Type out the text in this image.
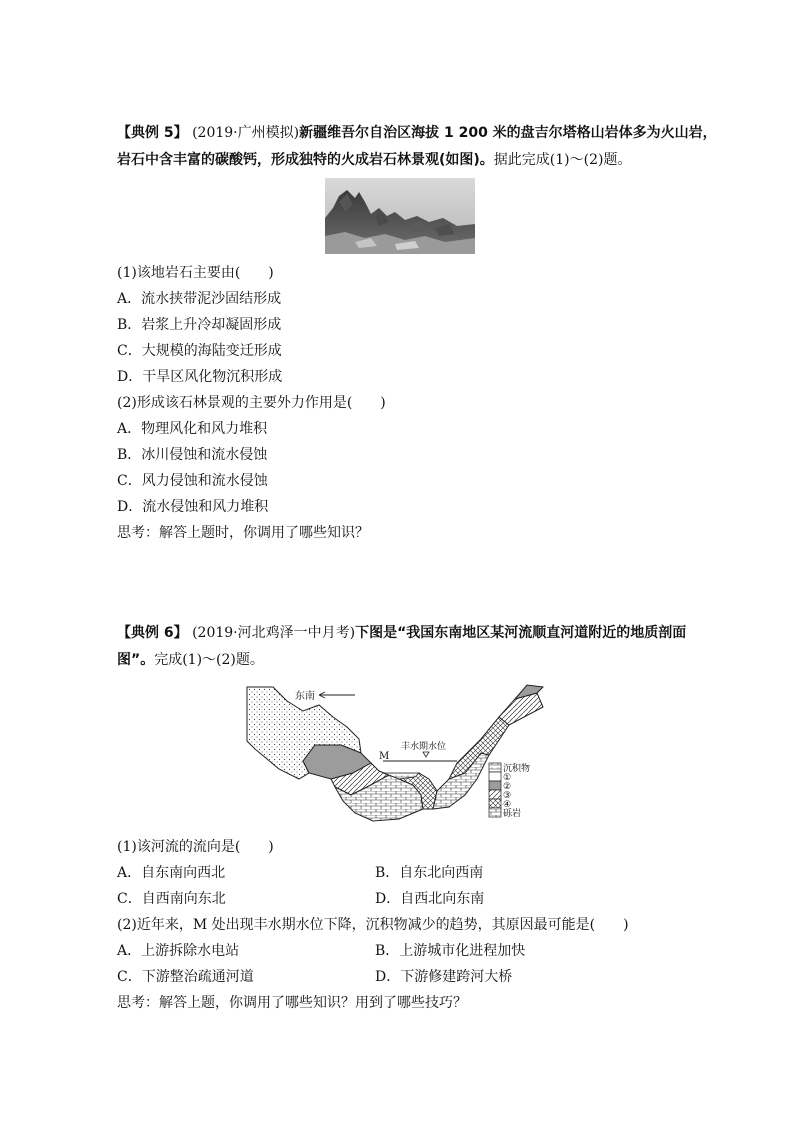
【典例 5】 (2019·广州模拟)新疆维吾尔自治区海拔 1 200 米的盘吉尔塔格山岩体多为火山岩，
岩石中含丰富的碳酸钙，形成独特的火成岩石林景观(如图)。据此完成(1)～(2)题。
(1)该地岩石主要由(　　)
A．流水挟带泥沙固结形成
B．岩浆上升冷却凝固形成
C．大规模的海陆变迁形成
D．干旱区风化物沉积形成
(2)形成该石林景观的主要外力作用是(　　)
A．物理风化和风力堆积
B．冰川侵蚀和流水侵蚀
C．风力侵蚀和流水侵蚀
D．流水侵蚀和风力堆积
思考：解答上题时，你调用了哪些知识？
【典例 6】 (2019·河北鸡泽一中月考)下图是“我国东南地区某河流顺直河道附近的地质剖面
图”。完成(1)～(2)题。
丰水期水位
M
东南
沉积物
①
②
③
④
砾岩
(1)该河流的流向是(　　)
A．自东南向西北	B．自东北向西南
C．自西南向东北	D．自西北向东南
(2)近年来，M 处出现丰水期水位下降，沉积物减少的趋势，其原因最可能是(　　)
A．上游拆除水电站	B．上游城市化进程加快
C．下游整治疏通河道	D．下游修建跨河大桥
思考：解答上题，你调用了哪些知识？用到了哪些技巧？
